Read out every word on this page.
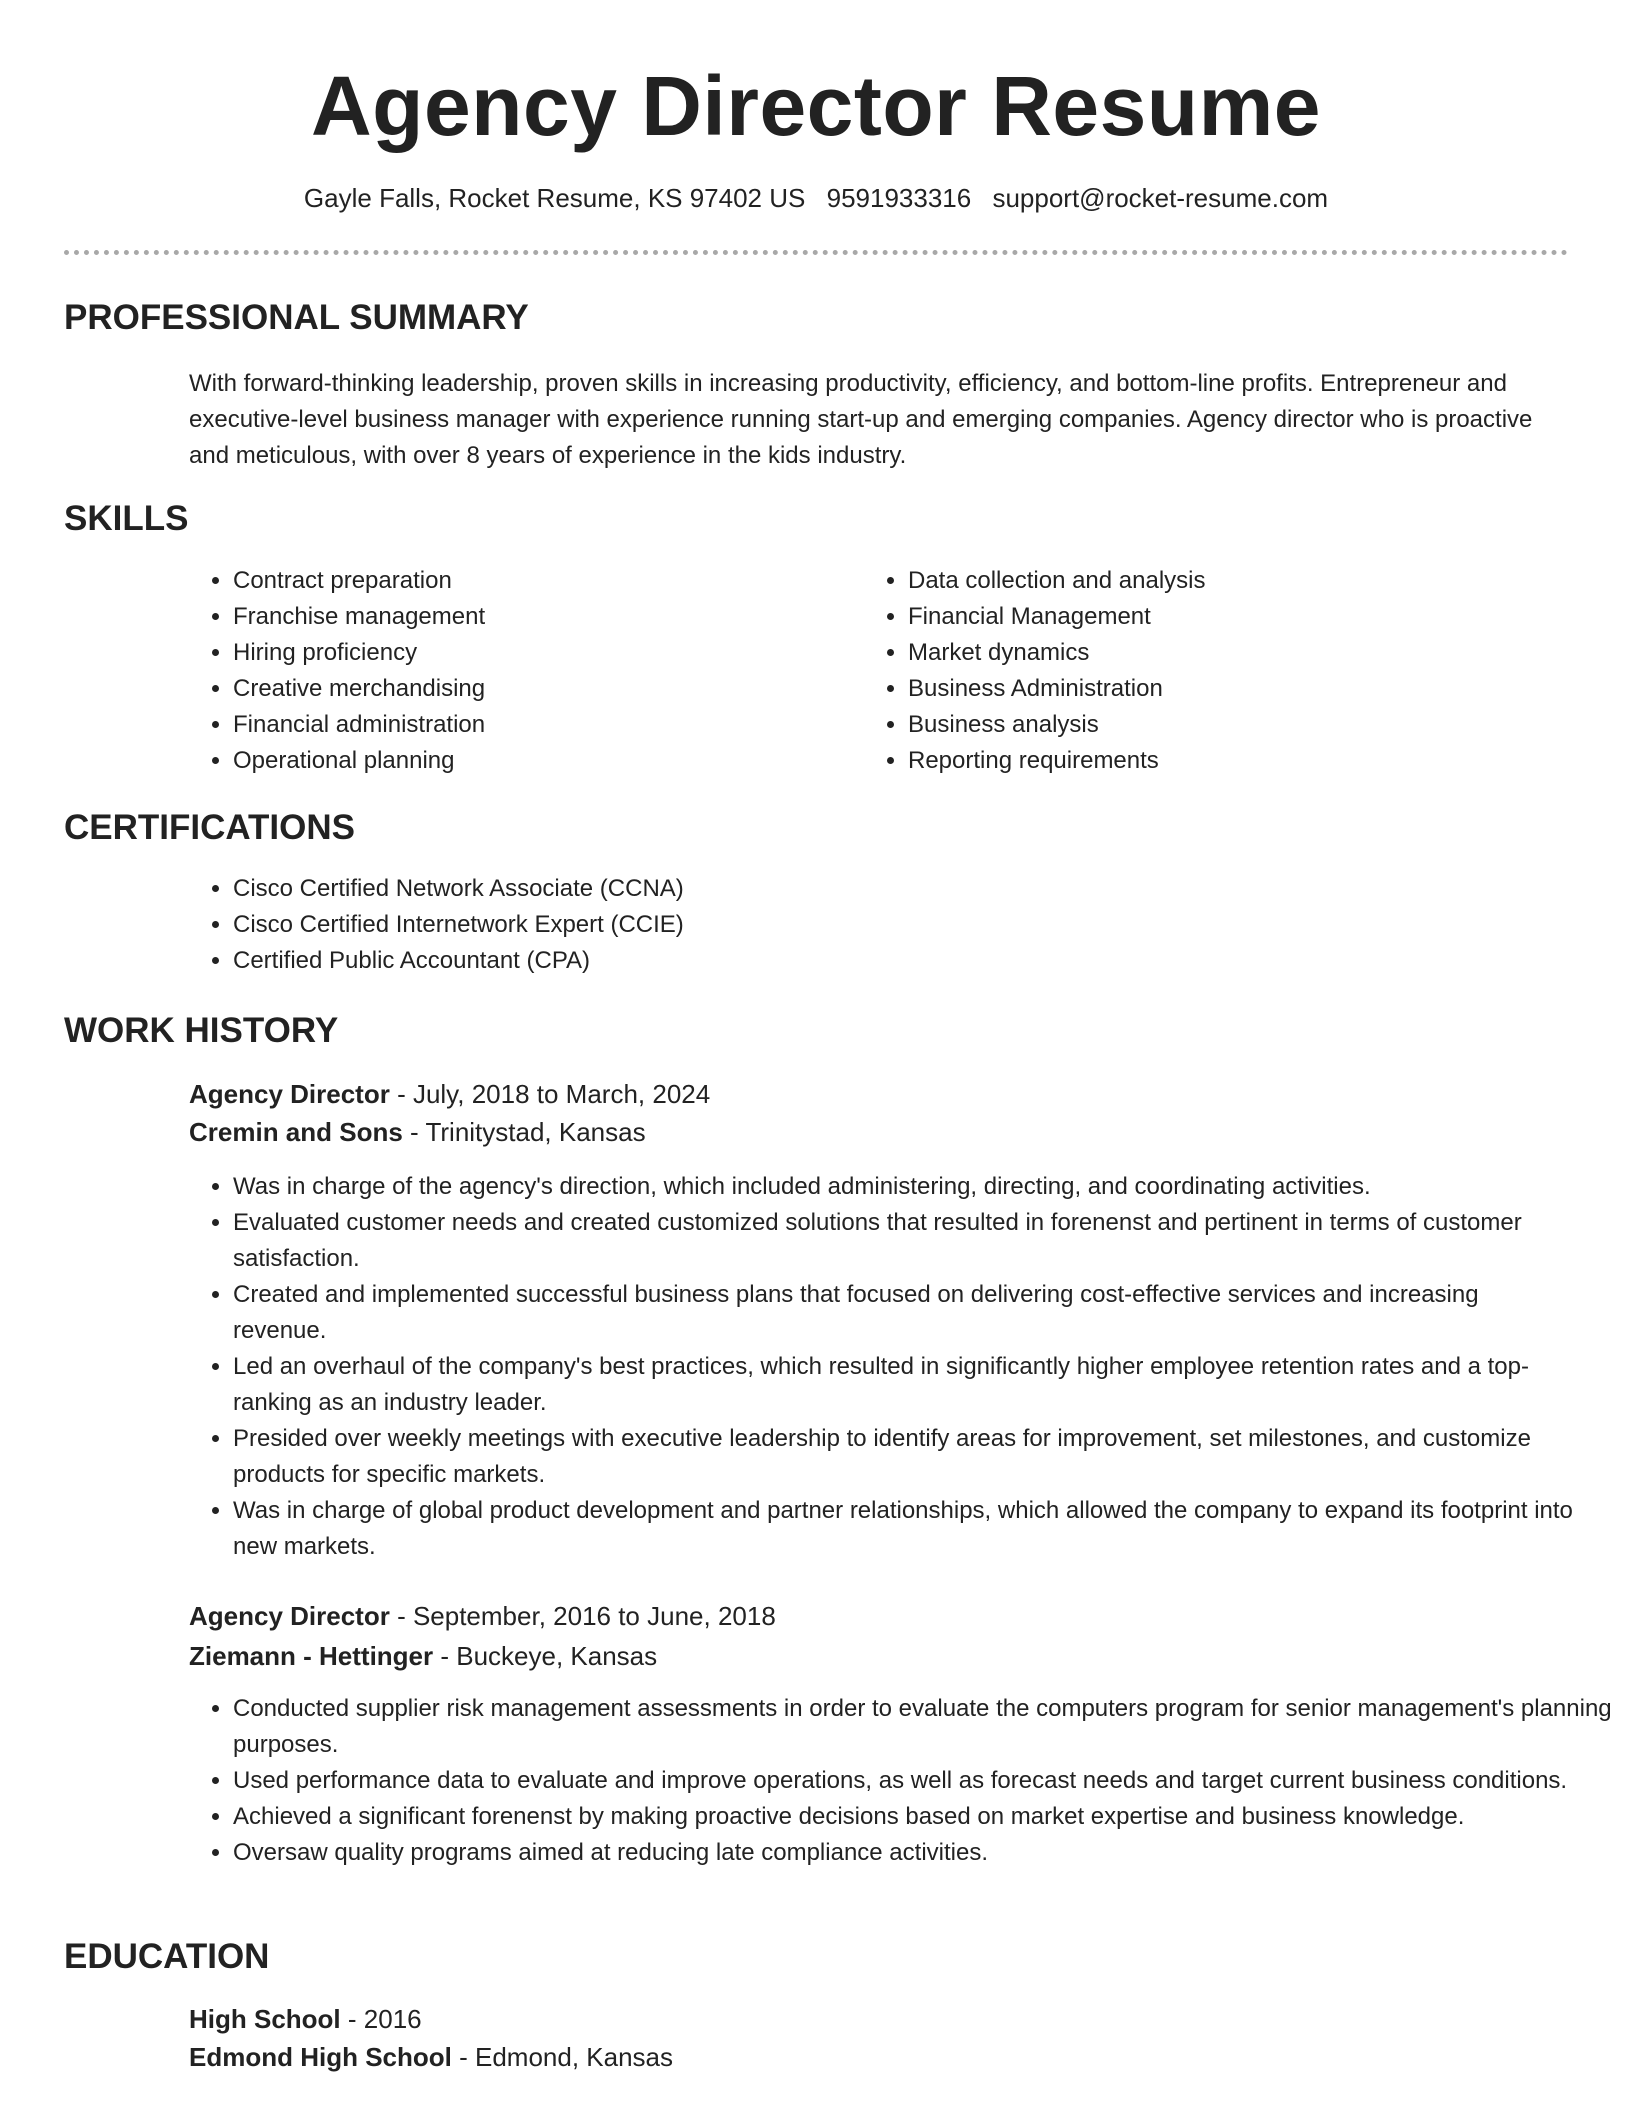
Agency Director Resume
Gayle Falls, Rocket Resume, KS 97402 US 9591933316 support@rocket-resume.com
PROFESSIONAL SUMMARY

With forward-thinking leadership, proven skills in increasing productivity, efficiency, and bottom-line profits. Entrepreneur and executive-level business manager with experience running start-up and emerging companies. Agency director who is proactive and meticulous, with over 8 years of experience in the kids industry.

SKILLS
• Contract preparation
• Franchise management
• Hiring proficiency
• Creative merchandising
• Financial administration
• Operational planning
• Data collection and analysis
• Financial Management
• Market dynamics
• Business Administration
• Business analysis
• Reporting requirements
CERTIFICATIONS
• Cisco Certified Network Associate (CCNA)
• Cisco Certified Internetwork Expert (CCIE)
• Certified Public Accountant (CPA)
WORK HISTORY
Agency Director - July, 2018 to March, 2024
Cremin and Sons - Trinitystad, Kansas
• Was in charge of the agency's direction, which included administering, directing, and coordinating activities.
• Evaluated customer needs and created customized solutions that resulted in forenenst and pertinent in terms of customer satisfaction.
• Created and implemented successful business plans that focused on delivering cost-effective services and increasing revenue.
• Led an overhaul of the company's best practices, which resulted in significantly higher employee retention rates and a top-ranking as an industry leader.
• Presided over weekly meetings with executive leadership to identify areas for improvement, set milestones, and customize products for specific markets.
• Was in charge of global product development and partner relationships, which allowed the company to expand its footprint into new markets.
Agency Director - September, 2016 to June, 2018
Ziemann - Hettinger - Buckeye, Kansas
• Conducted supplier risk management assessments in order to evaluate the computers program for senior management's planning purposes.
• Used performance data to evaluate and improve operations, as well as forecast needs and target current business conditions.
• Achieved a significant forenenst by making proactive decisions based on market expertise and business knowledge.
• Oversaw quality programs aimed at reducing late compliance activities.
EDUCATION
High School - 2016
Edmond High School - Edmond, Kansas
